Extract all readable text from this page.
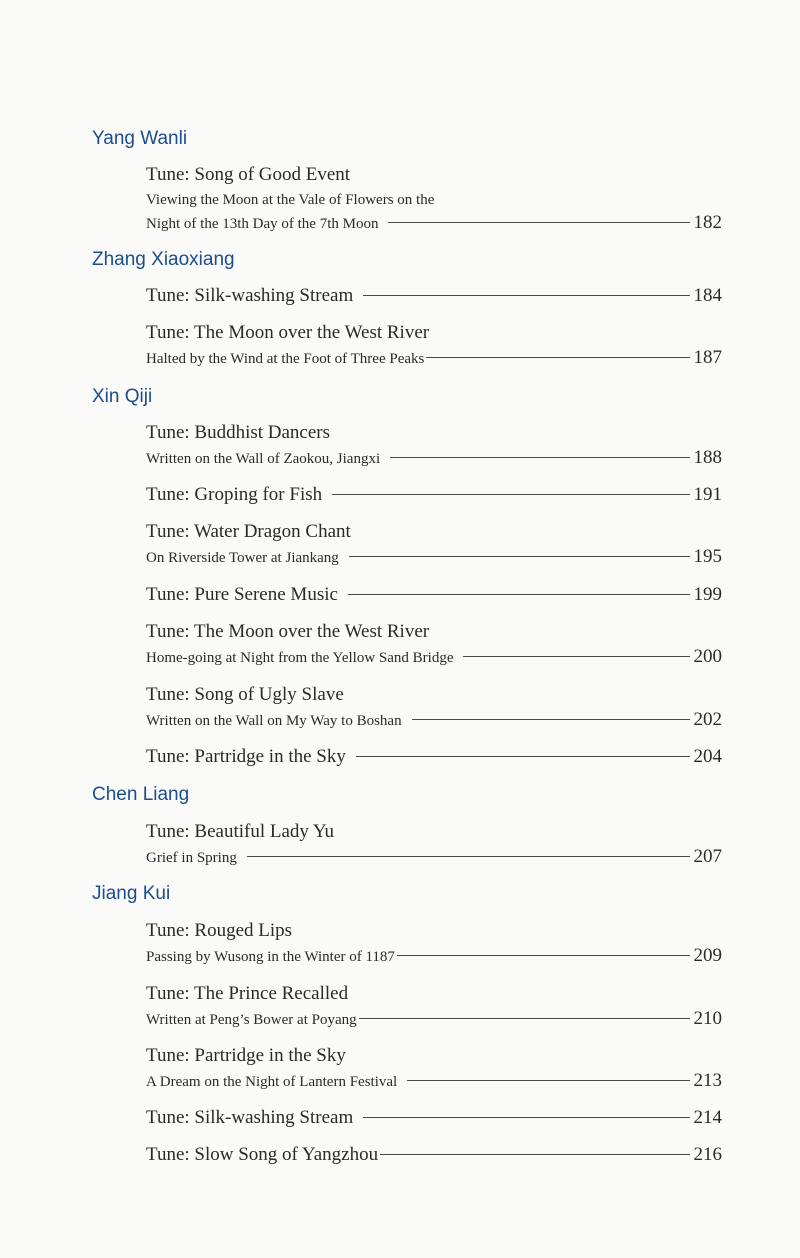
Yang Wanli
Tune: Song of Good Event
Viewing the Moon at the Vale of Flowers on the
Night of the 13th Day of the 7th Moon	182
Zhang Xiaoxiang
Tune: Silk-washing Stream	184
Tune: The Moon over the West River
Halted by the Wind at the Foot of Three Peaks	187
Xin Qiji
Tune: Buddhist Dancers
Written on the Wall of Zaokou, Jiangxi	188
Tune: Groping for Fish	191
Tune: Water Dragon Chant
On Riverside Tower at Jiankang	195
Tune: Pure Serene Music	199
Tune: The Moon over the West River
Home-going at Night from the Yellow Sand Bridge	200
Tune: Song of Ugly Slave
Written on the Wall on My Way to Boshan	202
Tune: Partridge in the Sky	204
Chen Liang
Tune: Beautiful Lady Yu
Grief in Spring	207
Jiang Kui
Tune: Rouged Lips
Passing by Wusong in the Winter of 1187	209
Tune: The Prince Recalled
Written at Peng’s Bower at Poyang	210
Tune: Partridge in the Sky
A Dream on the Night of Lantern Festival	213
Tune: Silk-washing Stream	214
Tune: Slow Song of Yangzhou	216
